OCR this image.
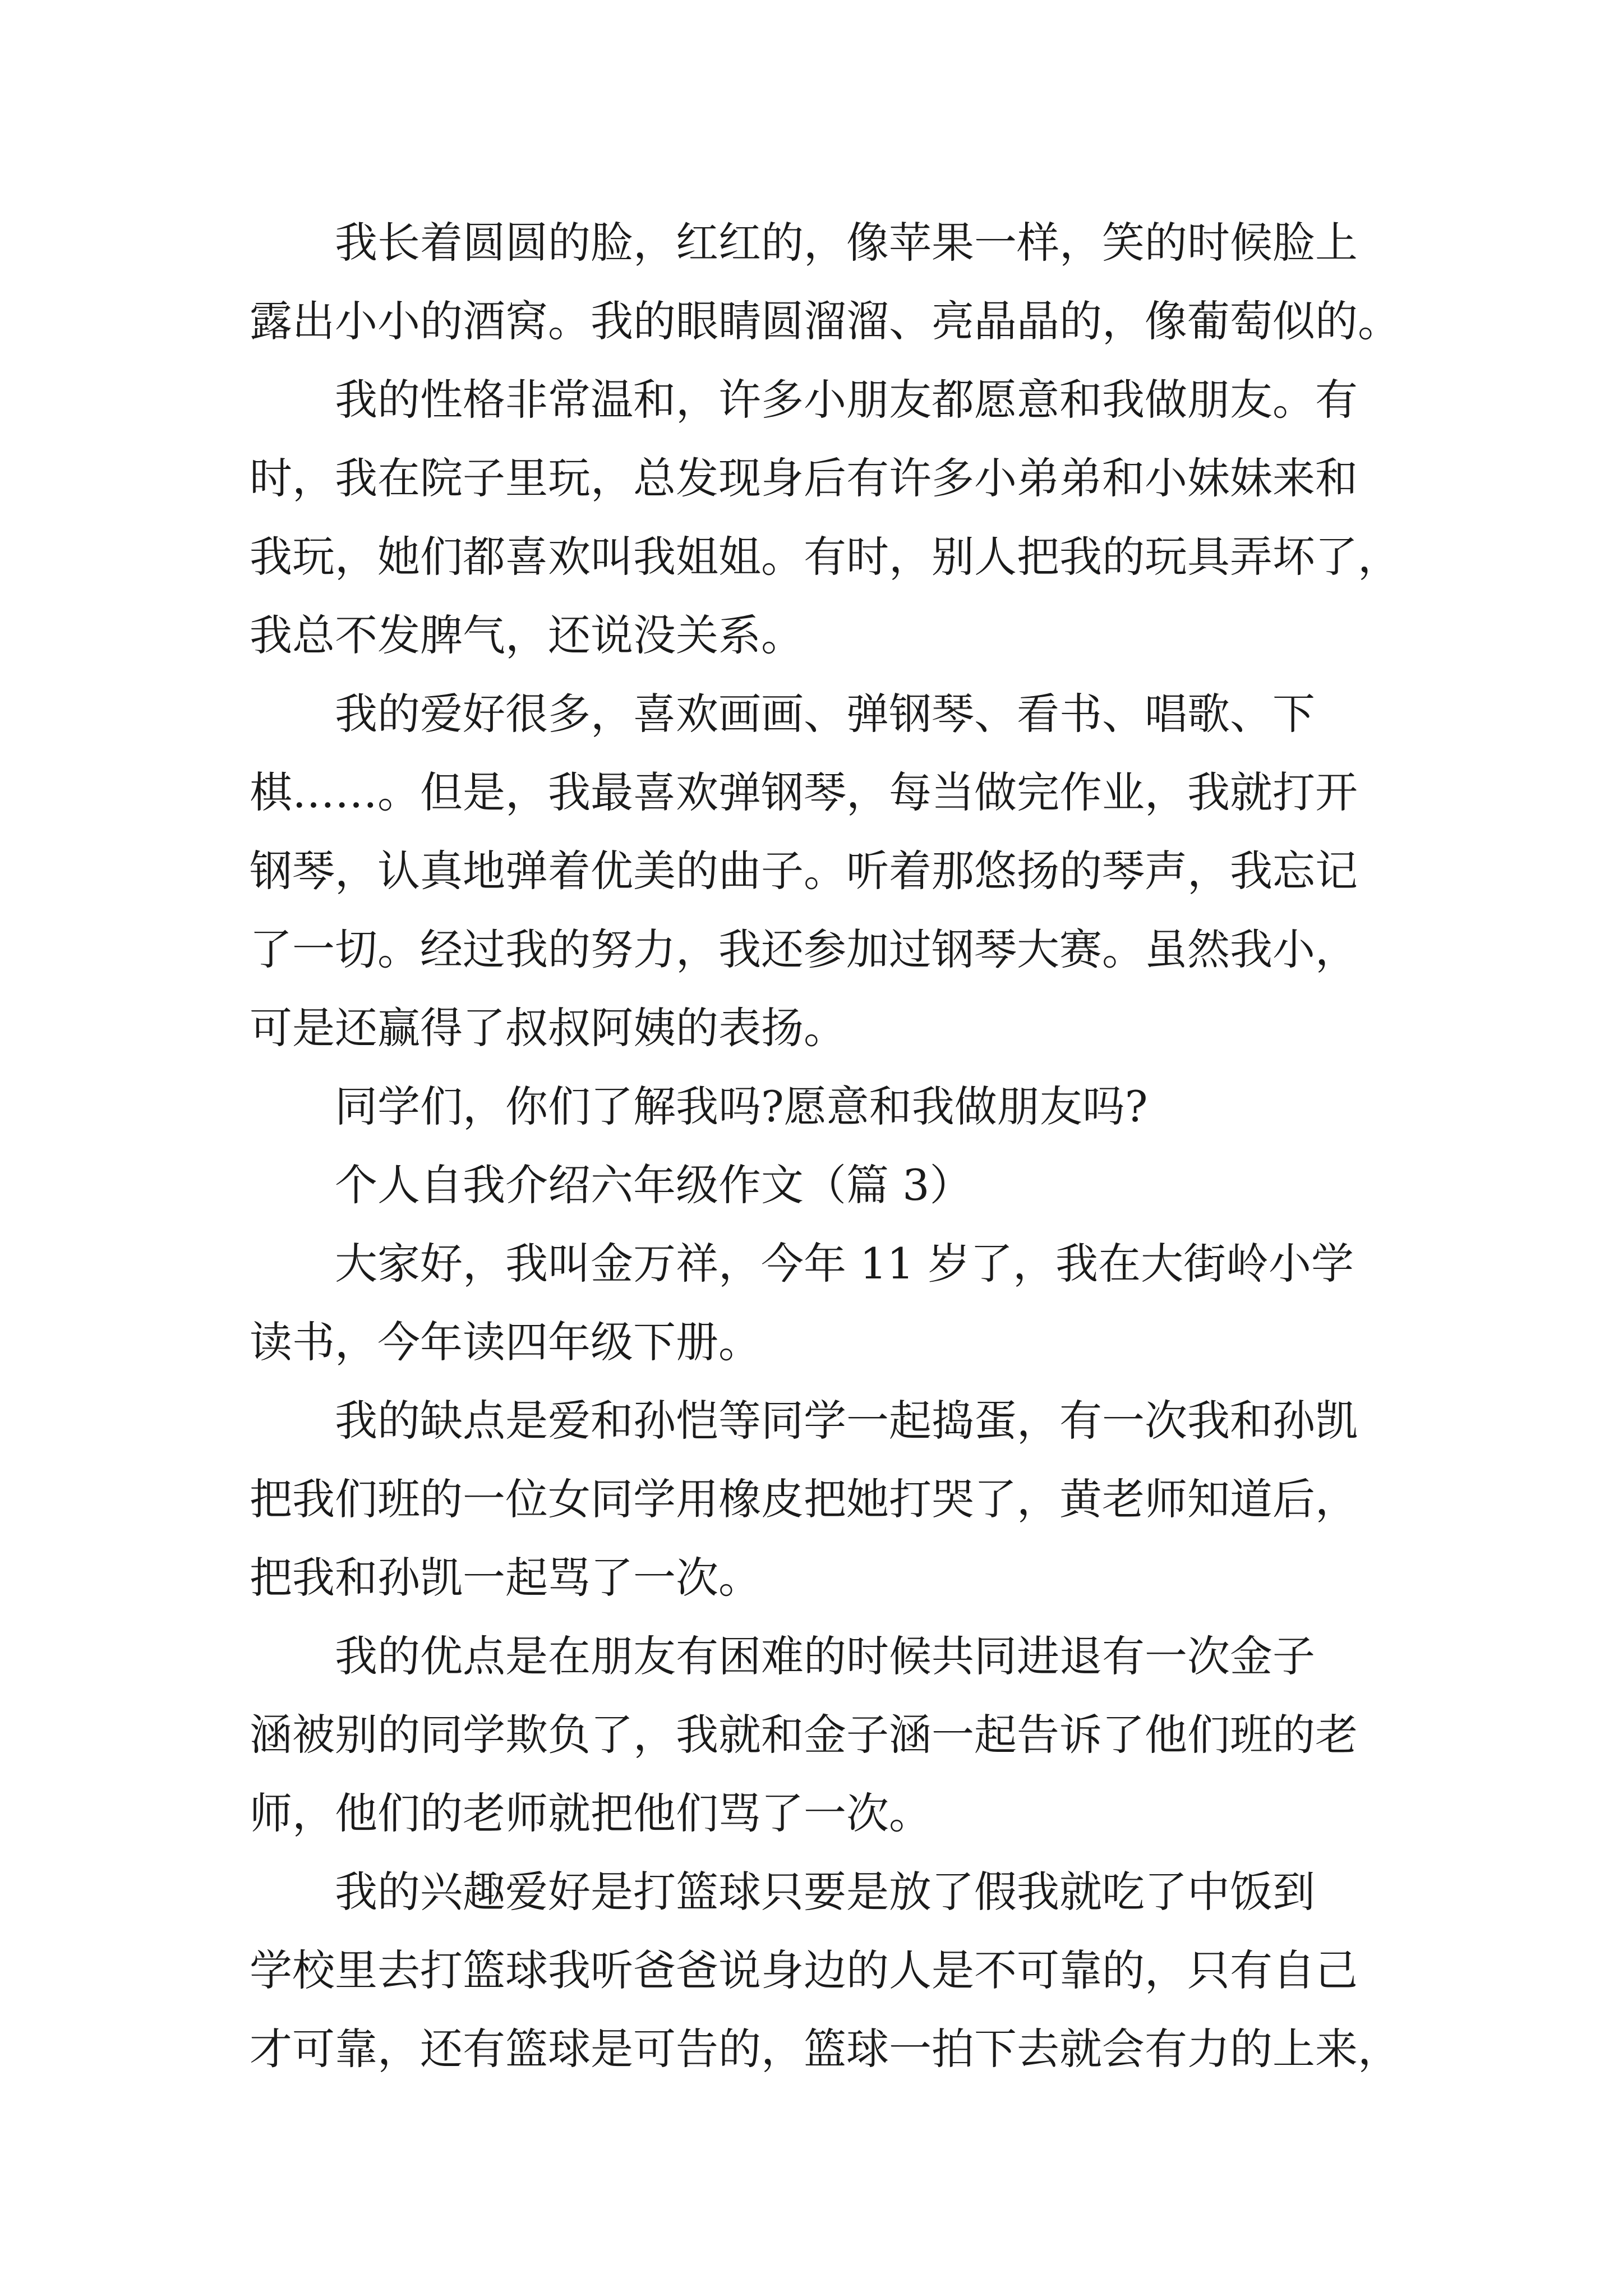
我长着圆圆的脸，红红的，像苹果一样，笑的时候脸上
露出小小的酒窝。我的眼睛圆溜溜、亮晶晶的，像葡萄似的。
我的性格非常温和，许多小朋友都愿意和我做朋友。有
时，我在院子里玩，总发现身后有许多小弟弟和小妹妹来和
我玩，她们都喜欢叫我姐姐。有时，别人把我的玩具弄坏了，
我总不发脾气，还说没关系。
我的爱好很多，喜欢画画、弹钢琴、看书、唱歌、下
棋……。但是，我最喜欢弹钢琴，每当做完作业，我就打开
钢琴，认真地弹着优美的曲子。听着那悠扬的琴声，我忘记
了一切。经过我的努力，我还参加过钢琴大赛。虽然我小，
可是还赢得了叔叔阿姨的表扬。
同学们，你们了解我吗?愿意和我做朋友吗?
个人自我介绍六年级作文（篇 3）
大家好，我叫金万祥，今年 11 岁了，我在大街岭小学
读书，今年读四年级下册。
我的缺点是爱和孙恺等同学一起捣蛋，有一次我和孙凯
把我们班的一位女同学用橡皮把她打哭了，黄老师知道后，
把我和孙凯一起骂了一次。
我的优点是在朋友有困难的时候共同进退有一次金子
涵被别的同学欺负了，我就和金子涵一起告诉了他们班的老
师，他们的老师就把他们骂了一次。
我的兴趣爱好是打篮球只要是放了假我就吃了中饭到
学校里去打篮球我听爸爸说身边的人是不可靠的，只有自己
才可靠，还有篮球是可告的，篮球一拍下去就会有力的上来，
